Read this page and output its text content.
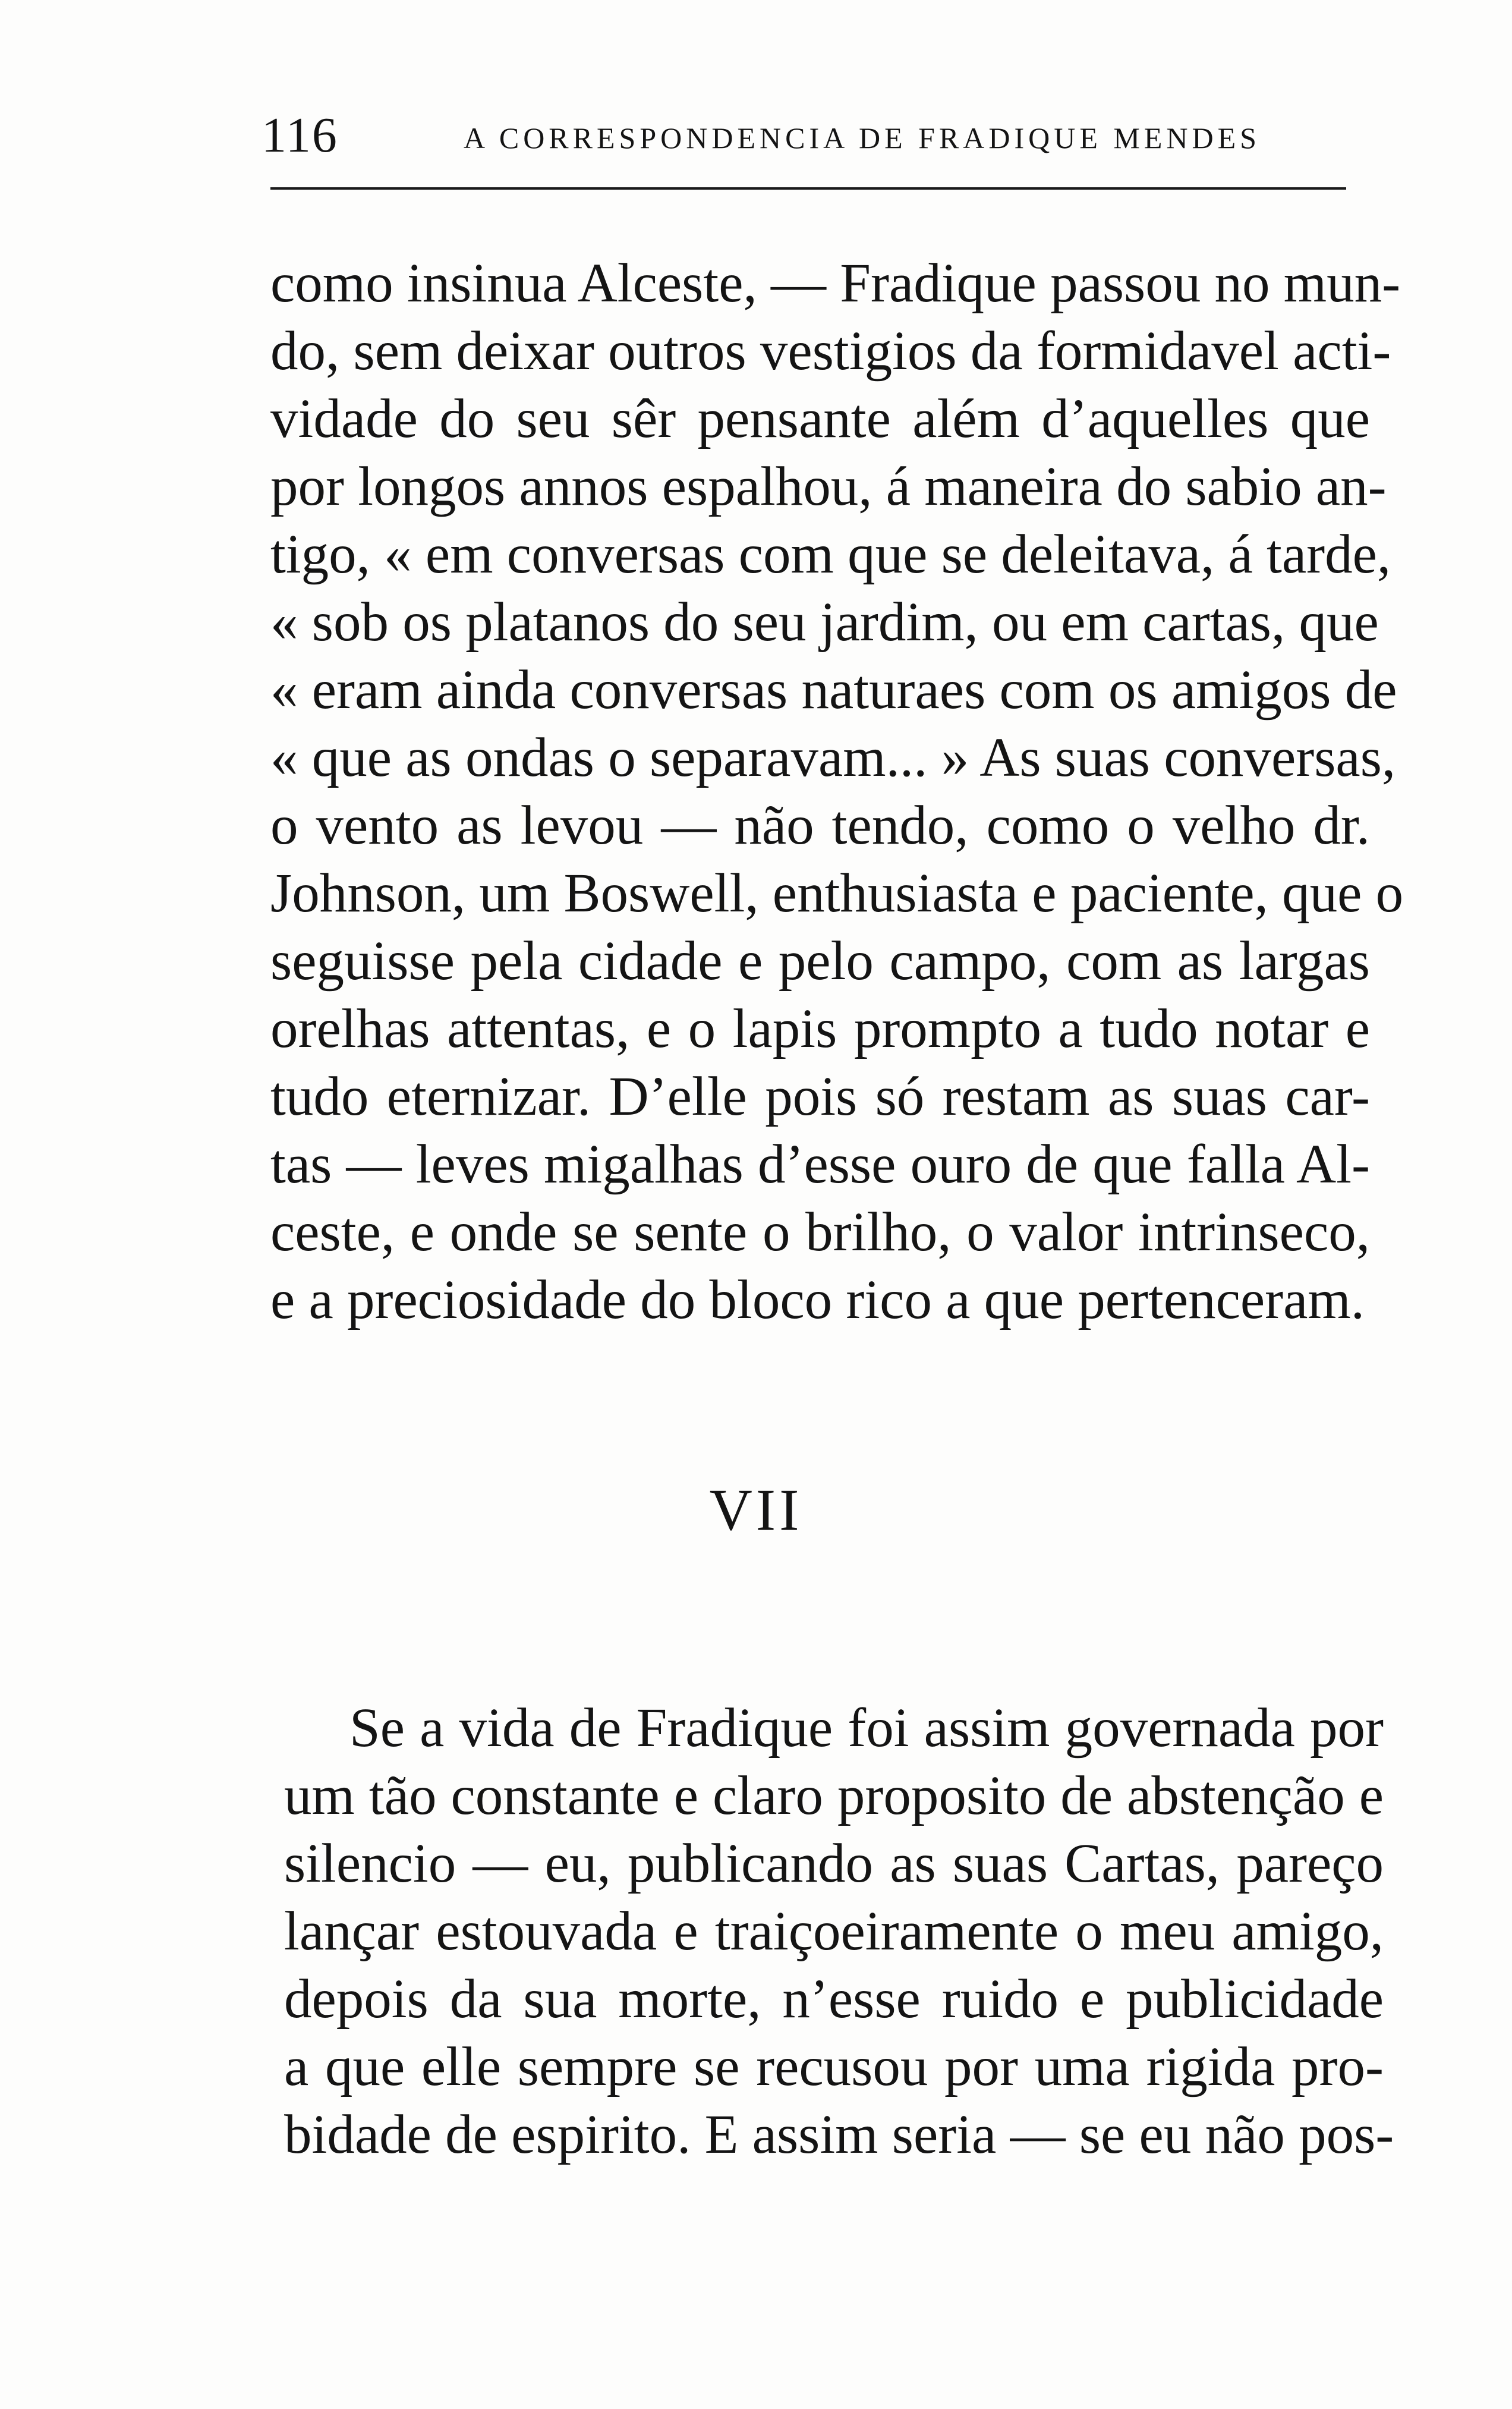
116	A CORRESPONDENCIA DE FRADIQUE MENDES
como insinua Alceste, — Fradique passou no mun-
do, sem deixar outros vestigios da formidavel acti-
vidade do seu sêr pensante além d’aquelles que
por longos annos espalhou, á maneira do sabio an-
tigo, « em conversas com que se deleitava, á tarde,
« sob os platanos do seu jardim, ou em cartas, que
« eram ainda conversas naturaes com os amigos de
« que as ondas o separavam... » As suas conversas,
o vento as levou — não tendo, como o velho dr.
Johnson, um Boswell, enthusiasta e paciente, que o
seguisse pela cidade e pelo campo, com as largas
orelhas attentas, e o lapis prompto a tudo notar e
tudo eternizar. D’elle pois só restam as suas car-
tas — leves migalhas d’esse ouro de que falla Al-
ceste, e onde se sente o brilho, o valor intrinseco,
e a preciosidade do bloco rico a que pertenceram.
VII
Se a vida de Fradique foi assim governada por
um tão constante e claro proposito de abstenção e
silencio — eu, publicando as suas Cartas, pareço
lançar estouvada e traiçoeiramente o meu amigo,
depois da sua morte, n’esse ruido e publicidade
a que elle sempre se recusou por uma rigida pro-
bidade de espirito. E assim seria — se eu não pos-
